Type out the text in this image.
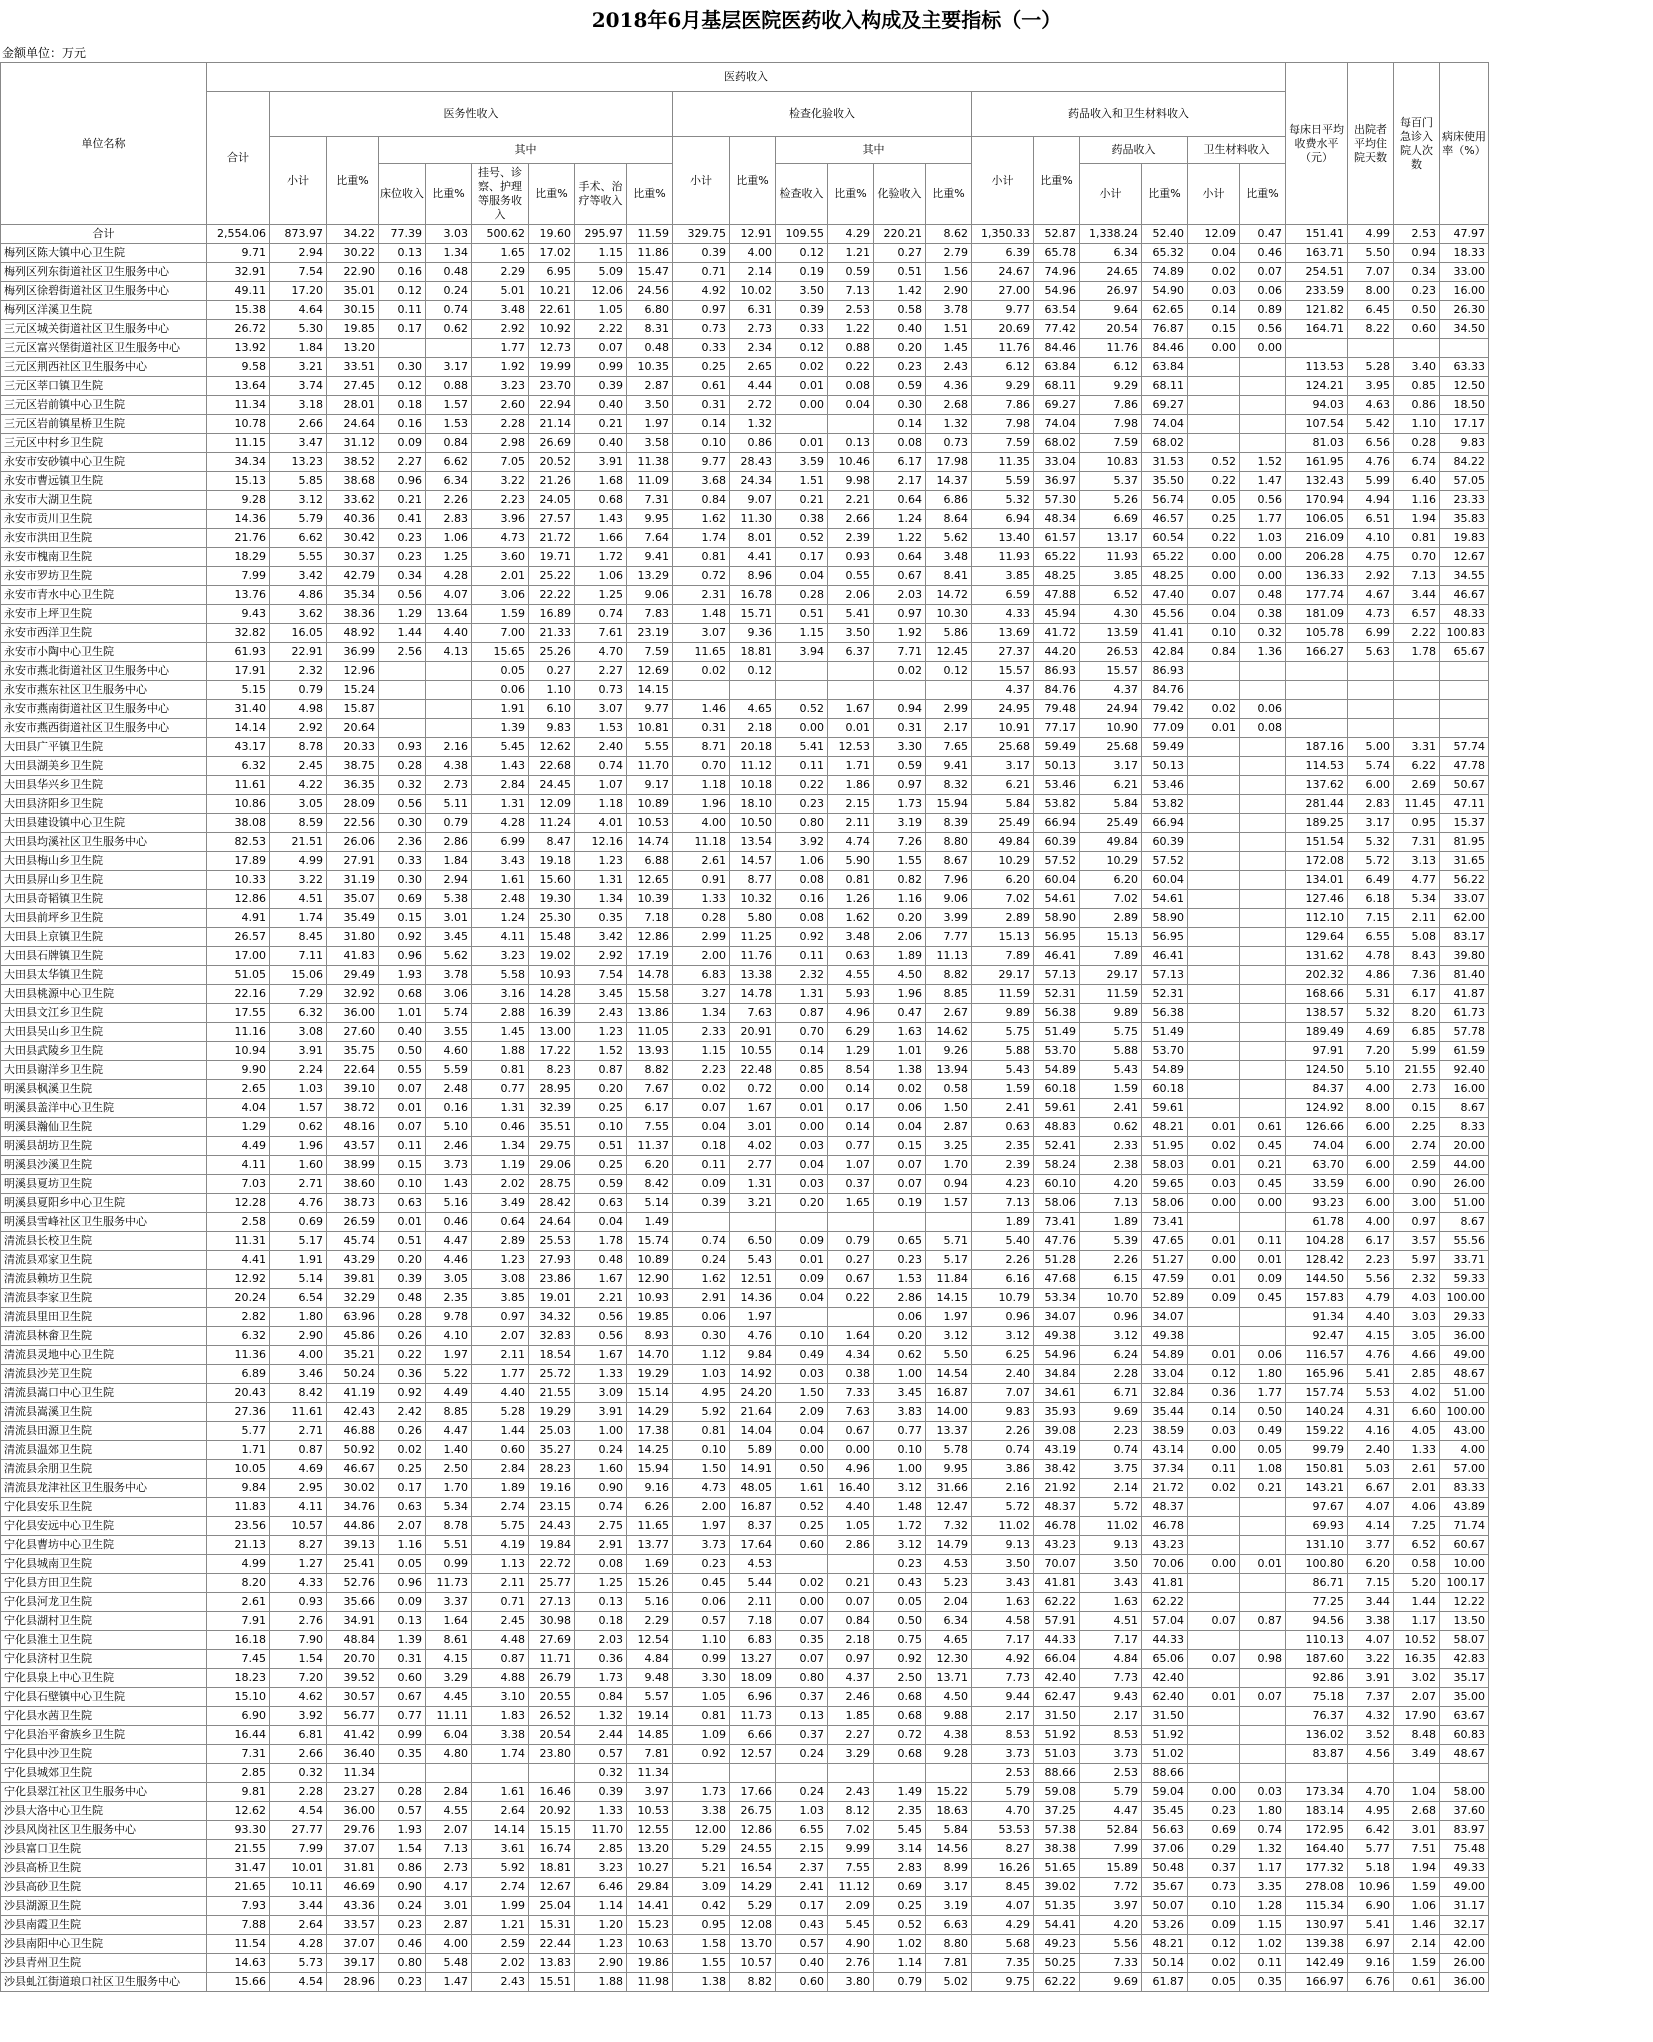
2018年6月基层医院医药收入构成及主要指标（一）
金额单位：万元
单位名称	医药收入																					每床日平均收费水平（元）	出院者平均住院天数	每百门急诊入院人次数	病床使用率（%）
	合计	医务性收入								检查化验收入						药品收入和卫生材料收入									
		小计	比重%	其中						小计	比重%	其中				小计	比重%	药品收入		卫生材料收入					
				床位收入	比重%	挂号、诊察、护理等服务收入	比重%	手术、治疗等收入	比重%			检查收入	比重%	化验收入	比重%			小计	比重%	小计	比重%				
合计	2,554.06	873.97	34.22	77.39	3.03	500.62	19.60	295.97	11.59	329.75	12.91	109.55	4.29	220.21	8.62	1,350.33	52.87	1,338.24	52.40	12.09	0.47	151.41	4.99	2.53	47.97
梅列区陈大镇中心卫生院	9.71	2.94	30.22	0.13	1.34	1.65	17.02	1.15	11.86	0.39	4.00	0.12	1.21	0.27	2.79	6.39	65.78	6.34	65.32	0.04	0.46	163.71	5.50	0.94	18.33
梅列区列东街道社区卫生服务中心	32.91	7.54	22.90	0.16	0.48	2.29	6.95	5.09	15.47	0.71	2.14	0.19	0.59	0.51	1.56	24.67	74.96	24.65	74.89	0.02	0.07	254.51	7.07	0.34	33.00
梅列区徐碧街道社区卫生服务中心	49.11	17.20	35.01	0.12	0.24	5.01	10.21	12.06	24.56	4.92	10.02	3.50	7.13	1.42	2.90	27.00	54.96	26.97	54.90	0.03	0.06	233.59	8.00	0.23	16.00
梅列区洋溪卫生院	15.38	4.64	30.15	0.11	0.74	3.48	22.61	1.05	6.80	0.97	6.31	0.39	2.53	0.58	3.78	9.77	63.54	9.64	62.65	0.14	0.89	121.82	6.45	0.50	26.30
三元区城关街道社区卫生服务中心	26.72	5.30	19.85	0.17	0.62	2.92	10.92	2.22	8.31	0.73	2.73	0.33	1.22	0.40	1.51	20.69	77.42	20.54	76.87	0.15	0.56	164.71	8.22	0.60	34.50
三元区富兴堡街道社区卫生服务中心	13.92	1.84	13.20			1.77	12.73	0.07	0.48	0.33	2.34	0.12	0.88	0.20	1.45	11.76	84.46	11.76	84.46	0.00	0.00				
三元区荆西社区卫生服务中心	9.58	3.21	33.51	0.30	3.17	1.92	19.99	0.99	10.35	0.25	2.65	0.02	0.22	0.23	2.43	6.12	63.84	6.12	63.84			113.53	5.28	3.40	63.33
三元区莘口镇卫生院	13.64	3.74	27.45	0.12	0.88	3.23	23.70	0.39	2.87	0.61	4.44	0.01	0.08	0.59	4.36	9.29	68.11	9.29	68.11			124.21	3.95	0.85	12.50
三元区岩前镇中心卫生院	11.34	3.18	28.01	0.18	1.57	2.60	22.94	0.40	3.50	0.31	2.72	0.00	0.04	0.30	2.68	7.86	69.27	7.86	69.27			94.03	4.63	0.86	18.50
三元区岩前镇星桥卫生院	10.78	2.66	24.64	0.16	1.53	2.28	21.14	0.21	1.97	0.14	1.32			0.14	1.32	7.98	74.04	7.98	74.04			107.54	5.42	1.10	17.17
三元区中村乡卫生院	11.15	3.47	31.12	0.09	0.84	2.98	26.69	0.40	3.58	0.10	0.86	0.01	0.13	0.08	0.73	7.59	68.02	7.59	68.02			81.03	6.56	0.28	9.83
永安市安砂镇中心卫生院	34.34	13.23	38.52	2.27	6.62	7.05	20.52	3.91	11.38	9.77	28.43	3.59	10.46	6.17	17.98	11.35	33.04	10.83	31.53	0.52	1.52	161.95	4.76	6.74	84.22
永安市曹远镇卫生院	15.13	5.85	38.68	0.96	6.34	3.22	21.26	1.68	11.09	3.68	24.34	1.51	9.98	2.17	14.37	5.59	36.97	5.37	35.50	0.22	1.47	132.43	5.99	6.40	57.05
永安市大湖卫生院	9.28	3.12	33.62	0.21	2.26	2.23	24.05	0.68	7.31	0.84	9.07	0.21	2.21	0.64	6.86	5.32	57.30	5.26	56.74	0.05	0.56	170.94	4.94	1.16	23.33
永安市贡川卫生院	14.36	5.79	40.36	0.41	2.83	3.96	27.57	1.43	9.95	1.62	11.30	0.38	2.66	1.24	8.64	6.94	48.34	6.69	46.57	0.25	1.77	106.05	6.51	1.94	35.83
永安市洪田卫生院	21.76	6.62	30.42	0.23	1.06	4.73	21.72	1.66	7.64	1.74	8.01	0.52	2.39	1.22	5.62	13.40	61.57	13.17	60.54	0.22	1.03	216.09	4.10	0.81	19.83
永安市槐南卫生院	18.29	5.55	30.37	0.23	1.25	3.60	19.71	1.72	9.41	0.81	4.41	0.17	0.93	0.64	3.48	11.93	65.22	11.93	65.22	0.00	0.00	206.28	4.75	0.70	12.67
永安市罗坊卫生院	7.99	3.42	42.79	0.34	4.28	2.01	25.22	1.06	13.29	0.72	8.96	0.04	0.55	0.67	8.41	3.85	48.25	3.85	48.25	0.00	0.00	136.33	2.92	7.13	34.55
永安市青水中心卫生院	13.76	4.86	35.34	0.56	4.07	3.06	22.22	1.25	9.06	2.31	16.78	0.28	2.06	2.03	14.72	6.59	47.88	6.52	47.40	0.07	0.48	177.74	4.67	3.44	46.67
永安市上坪卫生院	9.43	3.62	38.36	1.29	13.64	1.59	16.89	0.74	7.83	1.48	15.71	0.51	5.41	0.97	10.30	4.33	45.94	4.30	45.56	0.04	0.38	181.09	4.73	6.57	48.33
永安市西洋卫生院	32.82	16.05	48.92	1.44	4.40	7.00	21.33	7.61	23.19	3.07	9.36	1.15	3.50	1.92	5.86	13.69	41.72	13.59	41.41	0.10	0.32	105.78	6.99	2.22	100.83
永安市小陶中心卫生院	61.93	22.91	36.99	2.56	4.13	15.65	25.26	4.70	7.59	11.65	18.81	3.94	6.37	7.71	12.45	27.37	44.20	26.53	42.84	0.84	1.36	166.27	5.63	1.78	65.67
永安市燕北街道社区卫生服务中心	17.91	2.32	12.96			0.05	0.27	2.27	12.69	0.02	0.12			0.02	0.12	15.57	86.93	15.57	86.93						
永安市燕东社区卫生服务中心	5.15	0.79	15.24			0.06	1.10	0.73	14.15							4.37	84.76	4.37	84.76						
永安市燕南街道社区卫生服务中心	31.40	4.98	15.87			1.91	6.10	3.07	9.77	1.46	4.65	0.52	1.67	0.94	2.99	24.95	79.48	24.94	79.42	0.02	0.06				
永安市燕西街道社区卫生服务中心	14.14	2.92	20.64			1.39	9.83	1.53	10.81	0.31	2.18	0.00	0.01	0.31	2.17	10.91	77.17	10.90	77.09	0.01	0.08				
大田县广平镇卫生院	43.17	8.78	20.33	0.93	2.16	5.45	12.62	2.40	5.55	8.71	20.18	5.41	12.53	3.30	7.65	25.68	59.49	25.68	59.49			187.16	5.00	3.31	57.74
大田县湖美乡卫生院	6.32	2.45	38.75	0.28	4.38	1.43	22.68	0.74	11.70	0.70	11.12	0.11	1.71	0.59	9.41	3.17	50.13	3.17	50.13			114.53	5.74	6.22	47.78
大田县华兴乡卫生院	11.61	4.22	36.35	0.32	2.73	2.84	24.45	1.07	9.17	1.18	10.18	0.22	1.86	0.97	8.32	6.21	53.46	6.21	53.46			137.62	6.00	2.69	50.67
大田县济阳乡卫生院	10.86	3.05	28.09	0.56	5.11	1.31	12.09	1.18	10.89	1.96	18.10	0.23	2.15	1.73	15.94	5.84	53.82	5.84	53.82			281.44	2.83	11.45	47.11
大田县建设镇中心卫生院	38.08	8.59	22.56	0.30	0.79	4.28	11.24	4.01	10.53	4.00	10.50	0.80	2.11	3.19	8.39	25.49	66.94	25.49	66.94			189.25	3.17	0.95	15.37
大田县均溪社区卫生服务中心	82.53	21.51	26.06	2.36	2.86	6.99	8.47	12.16	14.74	11.18	13.54	3.92	4.74	7.26	8.80	49.84	60.39	49.84	60.39			151.54	5.32	7.31	81.95
大田县梅山乡卫生院	17.89	4.99	27.91	0.33	1.84	3.43	19.18	1.23	6.88	2.61	14.57	1.06	5.90	1.55	8.67	10.29	57.52	10.29	57.52			172.08	5.72	3.13	31.65
大田县屏山乡卫生院	10.33	3.22	31.19	0.30	2.94	1.61	15.60	1.31	12.65	0.91	8.77	0.08	0.81	0.82	7.96	6.20	60.04	6.20	60.04			134.01	6.49	4.77	56.22
大田县奇韬镇卫生院	12.86	4.51	35.07	0.69	5.38	2.48	19.30	1.34	10.39	1.33	10.32	0.16	1.26	1.16	9.06	7.02	54.61	7.02	54.61			127.46	6.18	5.34	33.07
大田县前坪乡卫生院	4.91	1.74	35.49	0.15	3.01	1.24	25.30	0.35	7.18	0.28	5.80	0.08	1.62	0.20	3.99	2.89	58.90	2.89	58.90			112.10	7.15	2.11	62.00
大田县上京镇卫生院	26.57	8.45	31.80	0.92	3.45	4.11	15.48	3.42	12.86	2.99	11.25	0.92	3.48	2.06	7.77	15.13	56.95	15.13	56.95			129.64	6.55	5.08	83.17
大田县石牌镇卫生院	17.00	7.11	41.83	0.96	5.62	3.23	19.02	2.92	17.19	2.00	11.76	0.11	0.63	1.89	11.13	7.89	46.41	7.89	46.41			131.62	4.78	8.43	39.80
大田县太华镇卫生院	51.05	15.06	29.49	1.93	3.78	5.58	10.93	7.54	14.78	6.83	13.38	2.32	4.55	4.50	8.82	29.17	57.13	29.17	57.13			202.32	4.86	7.36	81.40
大田县桃源中心卫生院	22.16	7.29	32.92	0.68	3.06	3.16	14.28	3.45	15.58	3.27	14.78	1.31	5.93	1.96	8.85	11.59	52.31	11.59	52.31			168.66	5.31	6.17	41.87
大田县文江乡卫生院	17.55	6.32	36.00	1.01	5.74	2.88	16.39	2.43	13.86	1.34	7.63	0.87	4.96	0.47	2.67	9.89	56.38	9.89	56.38			138.57	5.32	8.20	61.73
大田县吴山乡卫生院	11.16	3.08	27.60	0.40	3.55	1.45	13.00	1.23	11.05	2.33	20.91	0.70	6.29	1.63	14.62	5.75	51.49	5.75	51.49			189.49	4.69	6.85	57.78
大田县武陵乡卫生院	10.94	3.91	35.75	0.50	4.60	1.88	17.22	1.52	13.93	1.15	10.55	0.14	1.29	1.01	9.26	5.88	53.70	5.88	53.70			97.91	7.20	5.99	61.59
大田县谢洋乡卫生院	9.90	2.24	22.64	0.55	5.59	0.81	8.23	0.87	8.82	2.23	22.48	0.85	8.54	1.38	13.94	5.43	54.89	5.43	54.89			124.50	5.10	21.55	92.40
明溪县枫溪卫生院	2.65	1.03	39.10	0.07	2.48	0.77	28.95	0.20	7.67	0.02	0.72	0.00	0.14	0.02	0.58	1.59	60.18	1.59	60.18			84.37	4.00	2.73	16.00
明溪县盖洋中心卫生院	4.04	1.57	38.72	0.01	0.16	1.31	32.39	0.25	6.17	0.07	1.67	0.01	0.17	0.06	1.50	2.41	59.61	2.41	59.61			124.92	8.00	0.15	8.67
明溪县瀚仙卫生院	1.29	0.62	48.16	0.07	5.10	0.46	35.51	0.10	7.55	0.04	3.01	0.00	0.14	0.04	2.87	0.63	48.83	0.62	48.21	0.01	0.61	126.66	6.00	2.25	8.33
明溪县胡坊卫生院	4.49	1.96	43.57	0.11	2.46	1.34	29.75	0.51	11.37	0.18	4.02	0.03	0.77	0.15	3.25	2.35	52.41	2.33	51.95	0.02	0.45	74.04	6.00	2.74	20.00
明溪县沙溪卫生院	4.11	1.60	38.99	0.15	3.73	1.19	29.06	0.25	6.20	0.11	2.77	0.04	1.07	0.07	1.70	2.39	58.24	2.38	58.03	0.01	0.21	63.70	6.00	2.59	44.00
明溪县夏坊卫生院	7.03	2.71	38.60	0.10	1.43	2.02	28.75	0.59	8.42	0.09	1.31	0.03	0.37	0.07	0.94	4.23	60.10	4.20	59.65	0.03	0.45	33.59	6.00	0.90	26.00
明溪县夏阳乡中心卫生院	12.28	4.76	38.73	0.63	5.16	3.49	28.42	0.63	5.14	0.39	3.21	0.20	1.65	0.19	1.57	7.13	58.06	7.13	58.06	0.00	0.00	93.23	6.00	3.00	51.00
明溪县雪峰社区卫生服务中心	2.58	0.69	26.59	0.01	0.46	0.64	24.64	0.04	1.49							1.89	73.41	1.89	73.41			61.78	4.00	0.97	8.67
清流县长校卫生院	11.31	5.17	45.74	0.51	4.47	2.89	25.53	1.78	15.74	0.74	6.50	0.09	0.79	0.65	5.71	5.40	47.76	5.39	47.65	0.01	0.11	104.28	6.17	3.57	55.56
清流县邓家卫生院	4.41	1.91	43.29	0.20	4.46	1.23	27.93	0.48	10.89	0.24	5.43	0.01	0.27	0.23	5.17	2.26	51.28	2.26	51.27	0.00	0.01	128.42	2.23	5.97	33.71
清流县赖坊卫生院	12.92	5.14	39.81	0.39	3.05	3.08	23.86	1.67	12.90	1.62	12.51	0.09	0.67	1.53	11.84	6.16	47.68	6.15	47.59	0.01	0.09	144.50	5.56	2.32	59.33
清流县李家卫生院	20.24	6.54	32.29	0.48	2.35	3.85	19.01	2.21	10.93	2.91	14.36	0.04	0.22	2.86	14.15	10.79	53.34	10.70	52.89	0.09	0.45	157.83	4.79	4.03	100.00
清流县里田卫生院	2.82	1.80	63.96	0.28	9.78	0.97	34.32	0.56	19.85	0.06	1.97			0.06	1.97	0.96	34.07	0.96	34.07			91.34	4.40	3.03	29.33
清流县林畲卫生院	6.32	2.90	45.86	0.26	4.10	2.07	32.83	0.56	8.93	0.30	4.76	0.10	1.64	0.20	3.12	3.12	49.38	3.12	49.38			92.47	4.15	3.05	36.00
清流县灵地中心卫生院	11.36	4.00	35.21	0.22	1.97	2.11	18.54	1.67	14.70	1.12	9.84	0.49	4.34	0.62	5.50	6.25	54.96	6.24	54.89	0.01	0.06	116.57	4.76	4.66	49.00
清流县沙芜卫生院	6.89	3.46	50.24	0.36	5.22	1.77	25.72	1.33	19.29	1.03	14.92	0.03	0.38	1.00	14.54	2.40	34.84	2.28	33.04	0.12	1.80	165.96	5.41	2.85	48.67
清流县嵩口中心卫生院	20.43	8.42	41.19	0.92	4.49	4.40	21.55	3.09	15.14	4.95	24.20	1.50	7.33	3.45	16.87	7.07	34.61	6.71	32.84	0.36	1.77	157.74	5.53	4.02	51.00
清流县嵩溪卫生院	27.36	11.61	42.43	2.42	8.85	5.28	19.29	3.91	14.29	5.92	21.64	2.09	7.63	3.83	14.00	9.83	35.93	9.69	35.44	0.14	0.50	140.24	4.31	6.60	100.00
清流县田源卫生院	5.77	2.71	46.88	0.26	4.47	1.44	25.03	1.00	17.38	0.81	14.04	0.04	0.67	0.77	13.37	2.26	39.08	2.23	38.59	0.03	0.49	159.22	4.16	4.05	43.00
清流县温郊卫生院	1.71	0.87	50.92	0.02	1.40	0.60	35.27	0.24	14.25	0.10	5.89	0.00	0.00	0.10	5.78	0.74	43.19	0.74	43.14	0.00	0.05	99.79	2.40	1.33	4.00
清流县余朋卫生院	10.05	4.69	46.67	0.25	2.50	2.84	28.23	1.60	15.94	1.50	14.91	0.50	4.96	1.00	9.95	3.86	38.42	3.75	37.34	0.11	1.08	150.81	5.03	2.61	57.00
清流县龙津社区卫生服务中心	9.84	2.95	30.02	0.17	1.70	1.89	19.16	0.90	9.16	4.73	48.05	1.61	16.40	3.12	31.66	2.16	21.92	2.14	21.72	0.02	0.21	143.21	6.67	2.01	83.33
宁化县安乐卫生院	11.83	4.11	34.76	0.63	5.34	2.74	23.15	0.74	6.26	2.00	16.87	0.52	4.40	1.48	12.47	5.72	48.37	5.72	48.37			97.67	4.07	4.06	43.89
宁化县安远中心卫生院	23.56	10.57	44.86	2.07	8.78	5.75	24.43	2.75	11.65	1.97	8.37	0.25	1.05	1.72	7.32	11.02	46.78	11.02	46.78			69.93	4.14	7.25	71.74
宁化县曹坊中心卫生院	21.13	8.27	39.13	1.16	5.51	4.19	19.84	2.91	13.77	3.73	17.64	0.60	2.86	3.12	14.79	9.13	43.23	9.13	43.23			131.10	3.77	6.52	60.67
宁化县城南卫生院	4.99	1.27	25.41	0.05	0.99	1.13	22.72	0.08	1.69	0.23	4.53			0.23	4.53	3.50	70.07	3.50	70.06	0.00	0.01	100.80	6.20	0.58	10.00
宁化县方田卫生院	8.20	4.33	52.76	0.96	11.73	2.11	25.77	1.25	15.26	0.45	5.44	0.02	0.21	0.43	5.23	3.43	41.81	3.43	41.81			86.71	7.15	5.20	100.17
宁化县河龙卫生院	2.61	0.93	35.66	0.09	3.37	0.71	27.13	0.13	5.16	0.06	2.11	0.00	0.07	0.05	2.04	1.63	62.22	1.63	62.22			77.25	3.44	1.44	12.22
宁化县湖村卫生院	7.91	2.76	34.91	0.13	1.64	2.45	30.98	0.18	2.29	0.57	7.18	0.07	0.84	0.50	6.34	4.58	57.91	4.51	57.04	0.07	0.87	94.56	3.38	1.17	13.50
宁化县淮土卫生院	16.18	7.90	48.84	1.39	8.61	4.48	27.69	2.03	12.54	1.10	6.83	0.35	2.18	0.75	4.65	7.17	44.33	7.17	44.33			110.13	4.07	10.52	58.07
宁化县济村卫生院	7.45	1.54	20.70	0.31	4.15	0.87	11.71	0.36	4.84	0.99	13.27	0.07	0.97	0.92	12.30	4.92	66.04	4.84	65.06	0.07	0.98	187.60	3.22	16.35	42.83
宁化县泉上中心卫生院	18.23	7.20	39.52	0.60	3.29	4.88	26.79	1.73	9.48	3.30	18.09	0.80	4.37	2.50	13.71	7.73	42.40	7.73	42.40			92.86	3.91	3.02	35.17
宁化县石壁镇中心卫生院	15.10	4.62	30.57	0.67	4.45	3.10	20.55	0.84	5.57	1.05	6.96	0.37	2.46	0.68	4.50	9.44	62.47	9.43	62.40	0.01	0.07	75.18	7.37	2.07	35.00
宁化县水茜卫生院	6.90	3.92	56.77	0.77	11.11	1.83	26.52	1.32	19.14	0.81	11.73	0.13	1.85	0.68	9.88	2.17	31.50	2.17	31.50			76.37	4.32	17.90	63.67
宁化县治平畲族乡卫生院	16.44	6.81	41.42	0.99	6.04	3.38	20.54	2.44	14.85	1.09	6.66	0.37	2.27	0.72	4.38	8.53	51.92	8.53	51.92			136.02	3.52	8.48	60.83
宁化县中沙卫生院	7.31	2.66	36.40	0.35	4.80	1.74	23.80	0.57	7.81	0.92	12.57	0.24	3.29	0.68	9.28	3.73	51.03	3.73	51.02			83.87	4.56	3.49	48.67
宁化县城郊卫生院	2.85	0.32	11.34					0.32	11.34							2.53	88.66	2.53	88.66						
宁化县翠江社区卫生服务中心	9.81	2.28	23.27	0.28	2.84	1.61	16.46	0.39	3.97	1.73	17.66	0.24	2.43	1.49	15.22	5.79	59.08	5.79	59.04	0.00	0.03	173.34	4.70	1.04	58.00
沙县大洛中心卫生院	12.62	4.54	36.00	0.57	4.55	2.64	20.92	1.33	10.53	3.38	26.75	1.03	8.12	2.35	18.63	4.70	37.25	4.47	35.45	0.23	1.80	183.14	4.95	2.68	37.60
沙县风岗社区卫生服务中心	93.30	27.77	29.76	1.93	2.07	14.14	15.15	11.70	12.55	12.00	12.86	6.55	7.02	5.45	5.84	53.53	57.38	52.84	56.63	0.69	0.74	172.95	6.42	3.01	83.97
沙县富口卫生院	21.55	7.99	37.07	1.54	7.13	3.61	16.74	2.85	13.20	5.29	24.55	2.15	9.99	3.14	14.56	8.27	38.38	7.99	37.06	0.29	1.32	164.40	5.77	7.51	75.48
沙县高桥卫生院	31.47	10.01	31.81	0.86	2.73	5.92	18.81	3.23	10.27	5.21	16.54	2.37	7.55	2.83	8.99	16.26	51.65	15.89	50.48	0.37	1.17	177.32	5.18	1.94	49.33
沙县高砂卫生院	21.65	10.11	46.69	0.90	4.17	2.74	12.67	6.46	29.84	3.09	14.29	2.41	11.12	0.69	3.17	8.45	39.02	7.72	35.67	0.73	3.35	278.08	10.96	1.59	49.00
沙县湖源卫生院	7.93	3.44	43.36	0.24	3.01	1.99	25.04	1.14	14.41	0.42	5.29	0.17	2.09	0.25	3.19	4.07	51.35	3.97	50.07	0.10	1.28	115.34	6.90	1.06	31.17
沙县南霞卫生院	7.88	2.64	33.57	0.23	2.87	1.21	15.31	1.20	15.23	0.95	12.08	0.43	5.45	0.52	6.63	4.29	54.41	4.20	53.26	0.09	1.15	130.97	5.41	1.46	32.17
沙县南阳中心卫生院	11.54	4.28	37.07	0.46	4.00	2.59	22.44	1.23	10.63	1.58	13.70	0.57	4.90	1.02	8.80	5.68	49.23	5.56	48.21	0.12	1.02	139.38	6.97	2.14	42.00
沙县青州卫生院	14.63	5.73	39.17	0.80	5.48	2.02	13.83	2.90	19.86	1.55	10.57	0.40	2.76	1.14	7.81	7.35	50.25	7.33	50.14	0.02	0.11	142.49	9.16	1.59	26.00
沙县虬江街道琅口社区卫生服务中心	15.66	4.54	28.96	0.23	1.47	2.43	15.51	1.88	11.98	1.38	8.82	0.60	3.80	0.79	5.02	9.75	62.22	9.69	61.87	0.05	0.35	166.97	6.76	0.61	36.00
